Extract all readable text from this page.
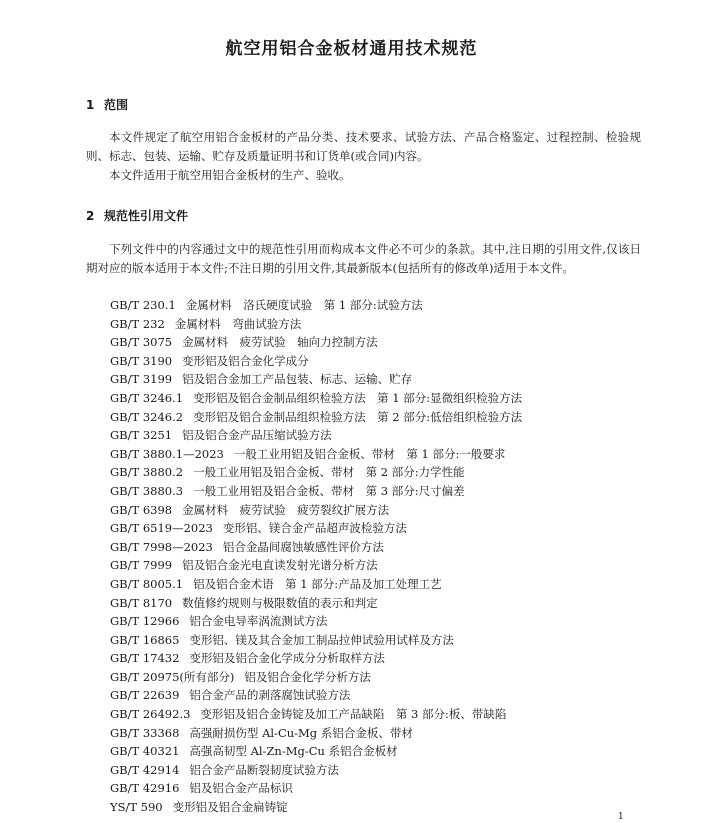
航空用铝合金板材通用技术规范
1 范围

本文件规定了航空用铝合金板材的产品分类、技术要求、试验方法、产品合格鉴定、过程控制、检验规则、标志、包装、运输、贮存及质量证明书和订货单(或合同)内容。

本文件适用于航空用铝合金板材的生产、验收。

2 规范性引用文件

下列文件中的内容通过文中的规范性引用而构成本文件必不可少的条款。其中,注日期的引用文件,仅该日期对应的版本适用于本文件;不注日期的引用文件,其最新版本(包括所有的修改单)适用于本文件。

GB/T 230.1 金属材料　洛氏硬度试验　第 1 部分:试验方法
GB/T 232 金属材料　弯曲试验方法
GB/T 3075 金属材料　疲劳试验　轴向力控制方法
GB/T 3190 变形铝及铝合金化学成分
GB/T 3199 铝及铝合金加工产品包装、标志、运输、贮存
GB/T 3246.1 变形铝及铝合金制品组织检验方法　第 1 部分:显微组织检验方法
GB/T 3246.2 变形铝及铝合金制品组织检验方法　第 2 部分:低倍组织检验方法
GB/T 3251 铝及铝合金产品压缩试验方法
GB/T 3880.1—2023 一般工业用铝及铝合金板、带材　第 1 部分:一般要求
GB/T 3880.2 一般工业用铝及铝合金板、带材　第 2 部分:力学性能
GB/T 3880.3 一般工业用铝及铝合金板、带材　第 3 部分:尺寸偏差
GB/T 6398 金属材料　疲劳试验　疲劳裂纹扩展方法
GB/T 6519—2023 变形铝、镁合金产品超声波检验方法
GB/T 7998—2023 铝合金晶间腐蚀敏感性评价方法
GB/T 7999 铝及铝合金光电直读发射光谱分析方法
GB/T 8005.1 铝及铝合金术语　第 1 部分:产品及加工处理工艺
GB/T 8170 数值修约规则与极限数值的表示和判定
GB/T 12966 铝合金电导率涡流测试方法
GB/T 16865 变形铝、镁及其合金加工制品拉伸试验用试样及方法
GB/T 17432 变形铝及铝合金化学成分分析取样方法
GB/T 20975(所有部分) 铝及铝合金化学分析方法
GB/T 22639 铝合金产品的剥落腐蚀试验方法
GB/T 26492.3 变形铝及铝合金铸锭及加工产品缺陷　第 3 部分:板、带缺陷
GB/T 33368 高强耐损伤型 Al-Cu-Mg 系铝合金板、带材
GB/T 40321 高强高韧型 Al-Zn-Mg-Cu 系铝合金板材
GB/T 42914 铝合金产品断裂韧度试验方法
GB/T 42916 铝及铝合金产品标识
YS/T 590 变形铝及铝合金扁铸锭
1
